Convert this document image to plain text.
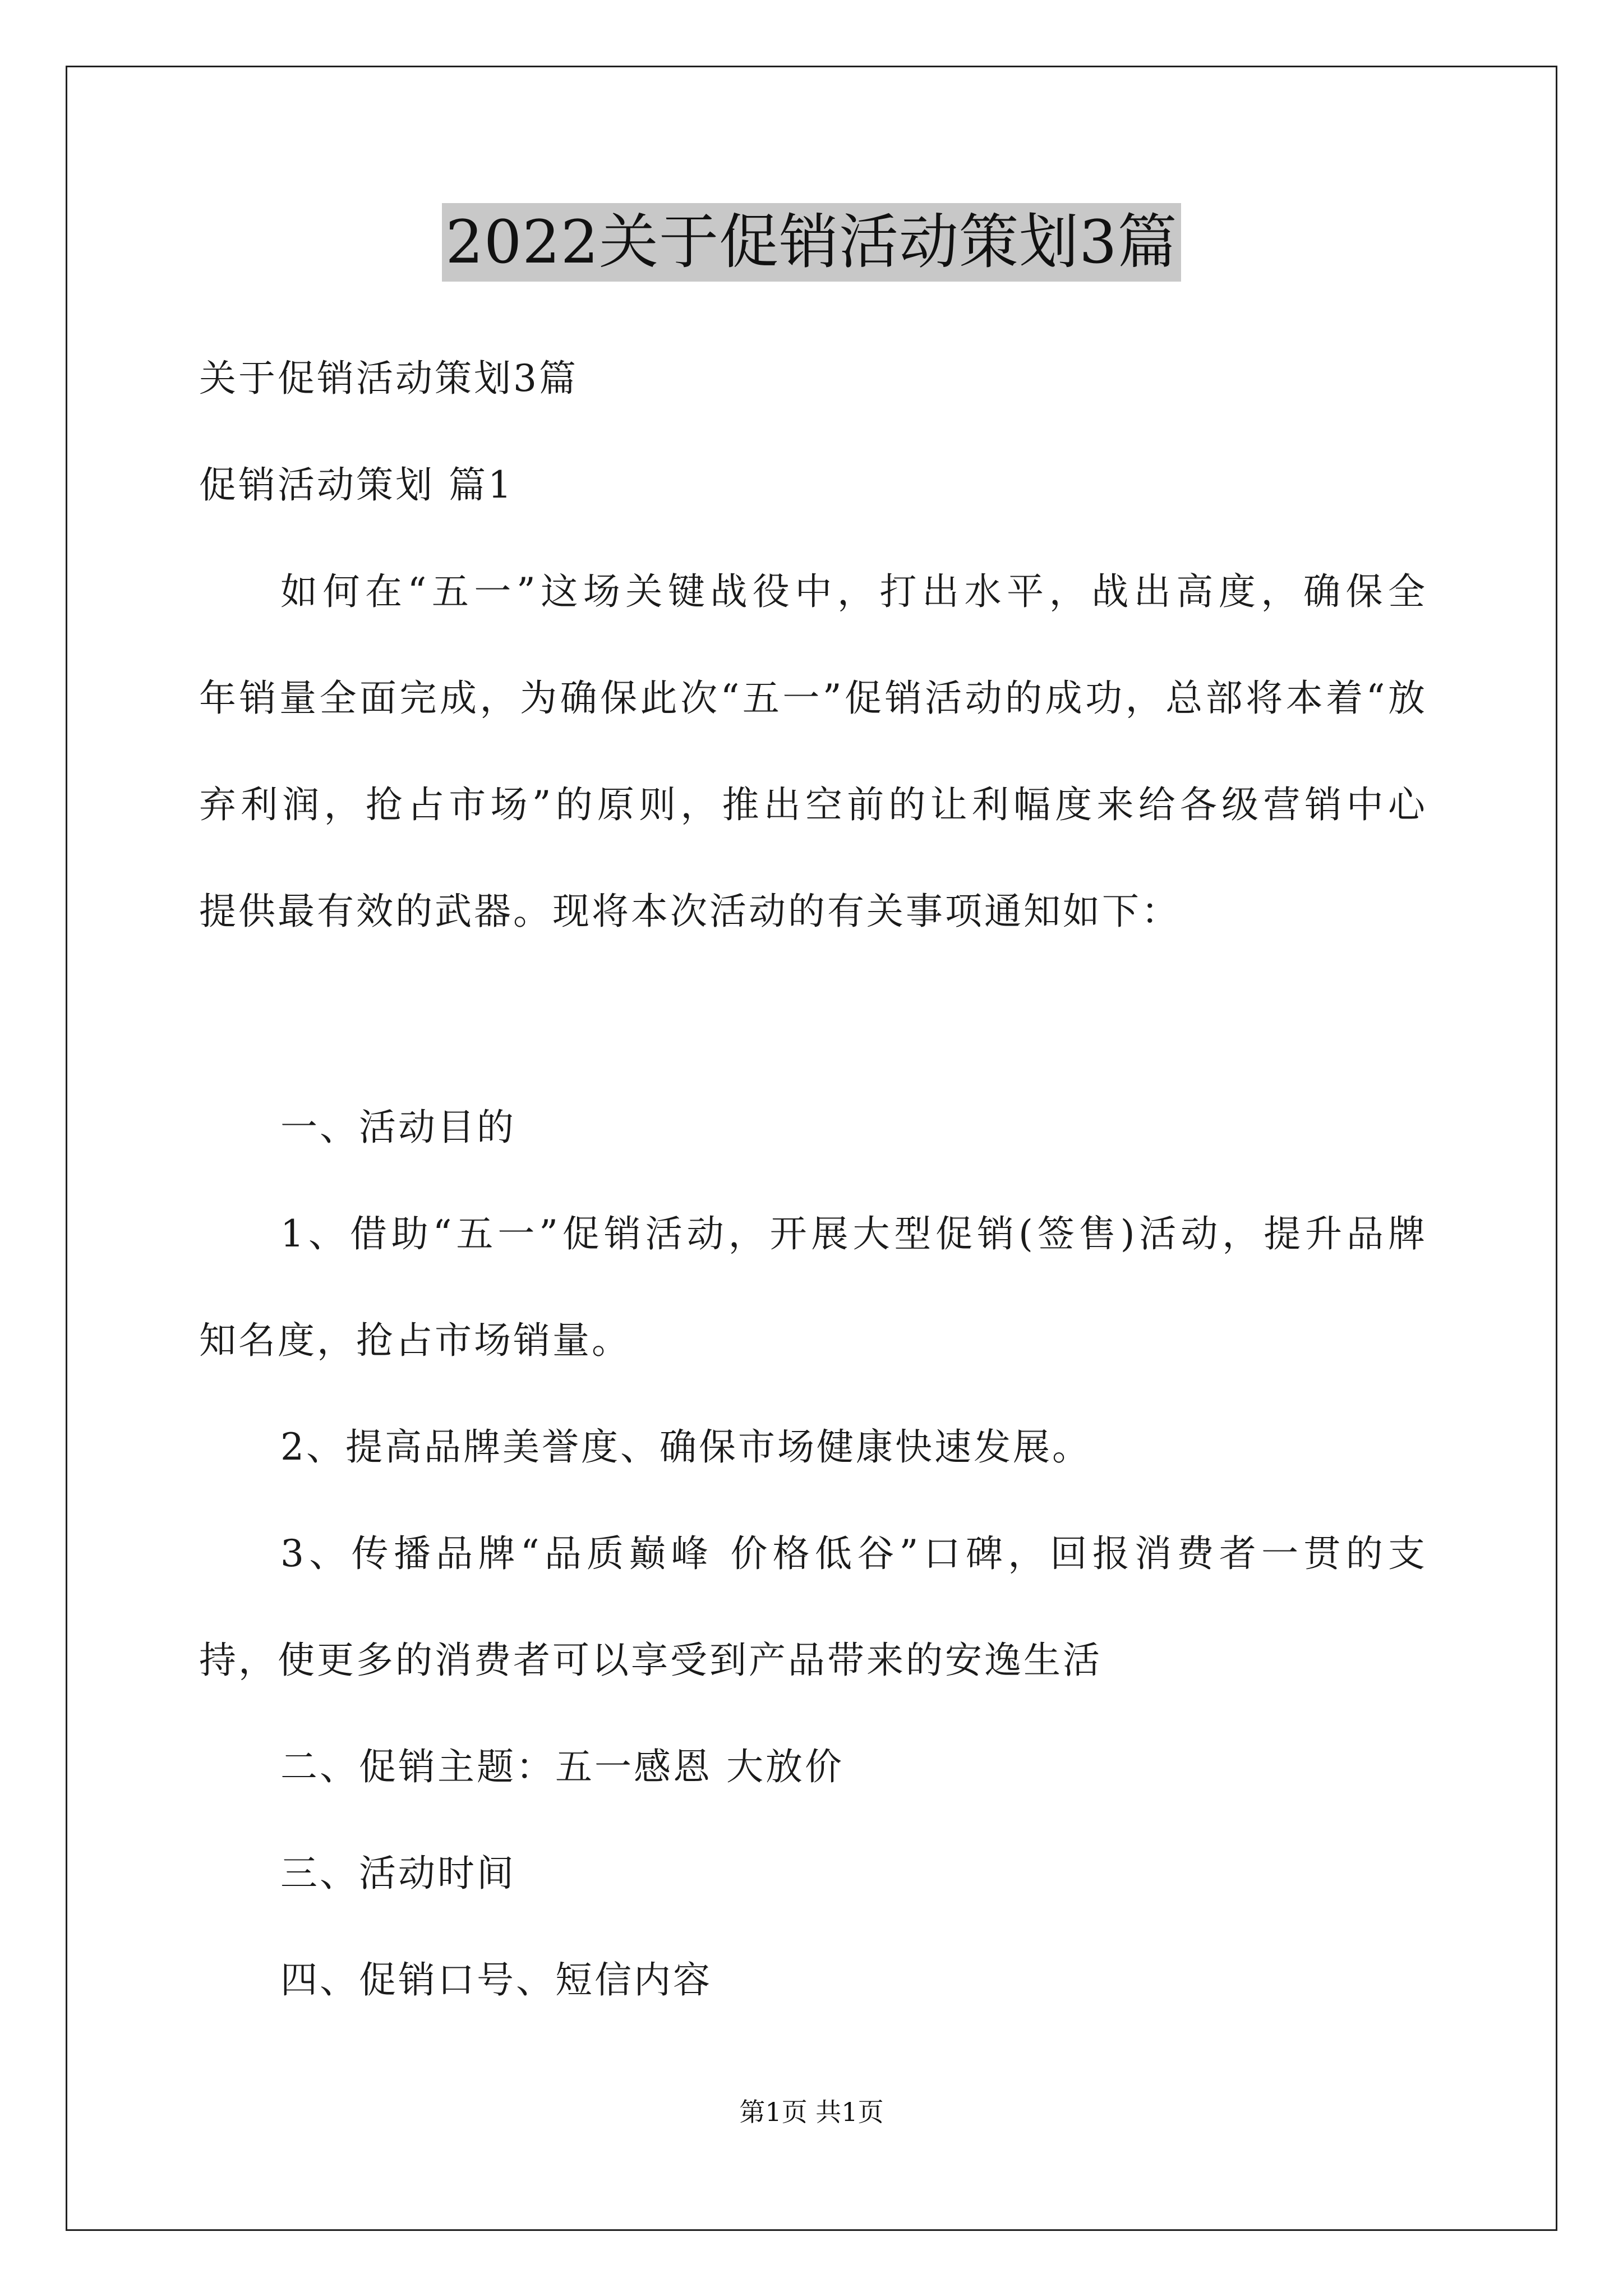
2022关于促销活动策划3篇
关于促销活动策划3篇
促销活动策划 篇1
如何在“五一”这场关键战役中，打出水平，战出高度，确保全
年销量全面完成，为确保此次“五一”促销活动的成功，总部将本着“放
弃利润，抢占市场”的原则，推出空前的让利幅度来给各级营销中心
提供最有效的武器。现将本次活动的有关事项通知如下：
一、活动目的
1、借助“五一”促销活动，开展大型促销(签售)活动，提升品牌
知名度，抢占市场销量。
2、提高品牌美誉度、确保市场健康快速发展。
3、传播品牌“品质巅峰 价格低谷”口碑，回报消费者一贯的支
持，使更多的消费者可以享受到产品带来的安逸生活
二、促销主题：五一感恩 大放价
三、活动时间
四、促销口号、短信内容
第1页 共1页
